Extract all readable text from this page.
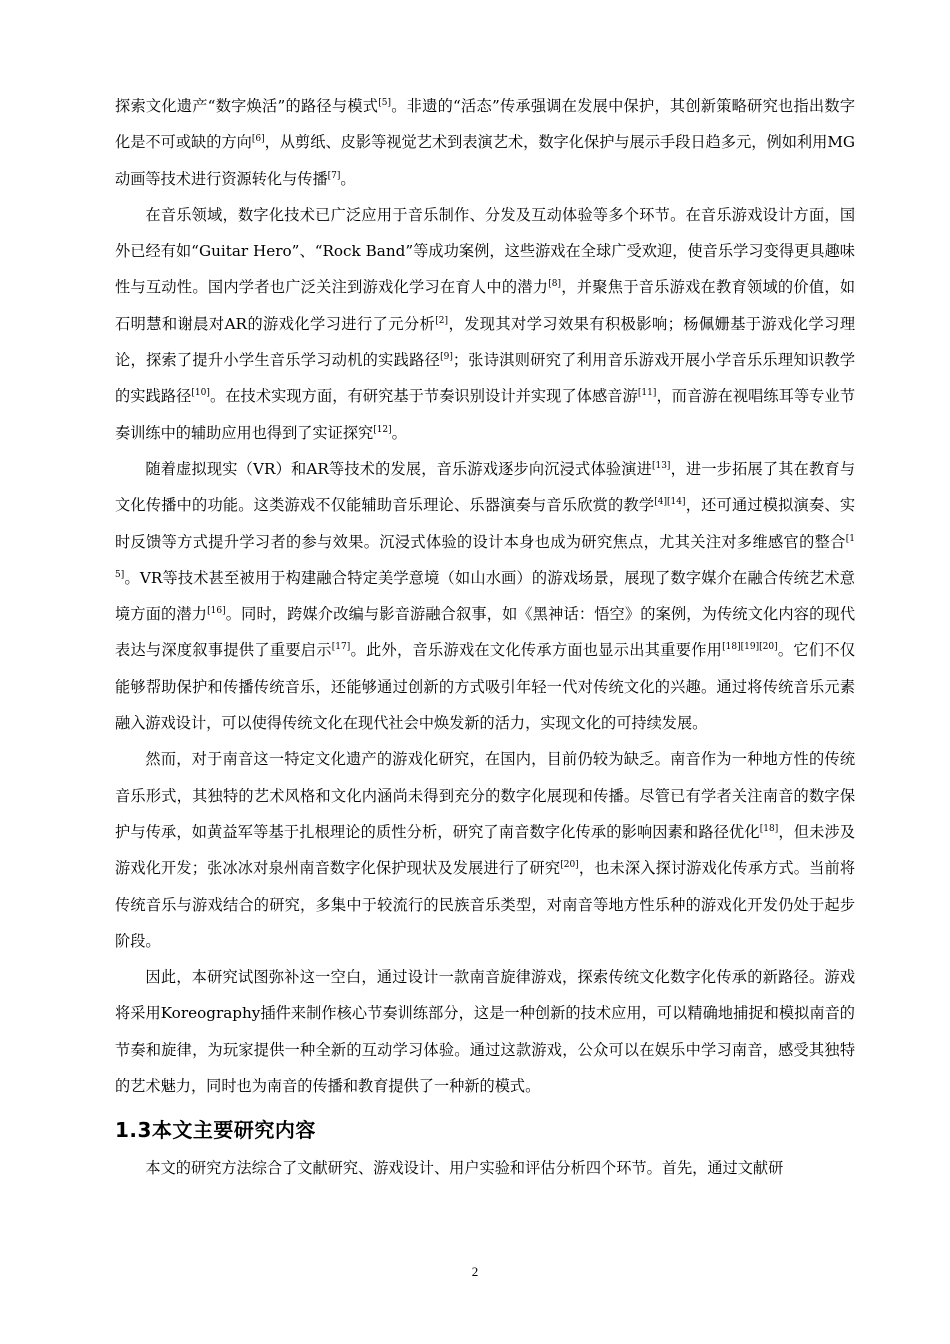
探索文化遗产“数字焕活”的路径与模式[5]。非遗的“活态”传承强调在发展中保护，其创新策略研究也指出数字化是不可或缺的方向[6]，从剪纸、皮影等视觉艺术到表演艺术，数字化保护与展示手段日趋多元，例如利用MG动画等技术进行资源转化与传播[7]。

在音乐领域，数字化技术已广泛应用于音乐制作、分发及互动体验等多个环节。在音乐游戏设计方面，国外已经有如“Guitar Hero”、“Rock Band”等成功案例，这些游戏在全球广受欢迎，使音乐学习变得更具趣味性与互动性。国内学者也广泛关注到游戏化学习在育人中的潜力[8]，并聚焦于音乐游戏在教育领域的价值，如石明慧和谢晨对AR的游戏化学习进行了元分析[2]，发现其对学习效果有积极影响；杨佩姗基于游戏化学习理论，探索了提升小学生音乐学习动机的实践路径[9]；张诗淇则研究了利用音乐游戏开展小学音乐乐理知识教学的实践路径[10]。在技术实现方面，有研究基于节奏识别设计并实现了体感音游[11]，而音游在视唱练耳等专业节奏训练中的辅助应用也得到了实证探究[12]。

随着虚拟现实（VR）和AR等技术的发展，音乐游戏逐步向沉浸式体验演进[13]，进一步拓展了其在教育与文化传播中的功能。这类游戏不仅能辅助音乐理论、乐器演奏与音乐欣赏的教学[4][14]，还可通过模拟演奏、实时反馈等方式提升学习者的参与效果。沉浸式体验的设计本身也成为研究焦点，尤其关注对多维感官的整合[15]。VR等技术甚至被用于构建融合特定美学意境（如山水画）的游戏场景，展现了数字媒介在融合传统艺术意境方面的潜力[16]。同时，跨媒介改编与影音游融合叙事，如《黑神话：悟空》的案例，为传统文化内容的现代表达与深度叙事提供了重要启示[17]。此外，音乐游戏在文化传承方面也显示出其重要作用[18][19][20]。它们不仅能够帮助保护和传播传统音乐，还能够通过创新的方式吸引年轻一代对传统文化的兴趣。通过将传统音乐元素融入游戏设计，可以使得传统文化在现代社会中焕发新的活力，实现文化的可持续发展。

然而，对于南音这一特定文化遗产的游戏化研究，在国内，目前仍较为缺乏。南音作为一种地方性的传统音乐形式，其独特的艺术风格和文化内涵尚未得到充分的数字化展现和传播。尽管已有学者关注南音的数字保护与传承，如黄益军等基于扎根理论的质性分析，研究了南音数字化传承的影响因素和路径优化[18]，但未涉及游戏化开发；张冰冰对泉州南音数字化保护现状及发展进行了研究[20]，也未深入探讨游戏化传承方式。当前将传统音乐与游戏结合的研究，多集中于较流行的民族音乐类型，对南音等地方性乐种的游戏化开发仍处于起步阶段。

因此，本研究试图弥补这一空白，通过设计一款南音旋律游戏，探索传统文化数字化传承的新路径。游戏将采用Koreography插件来制作核心节奏训练部分，这是一种创新的技术应用，可以精确地捕捉和模拟南音的节奏和旋律，为玩家提供一种全新的互动学习体验。通过这款游戏，公众可以在娱乐中学习南音，感受其独特的艺术魅力，同时也为南音的传播和教育提供了一种新的模式。

1.3本文主要研究内容

本文的研究方法综合了文献研究、游戏设计、用户实验和评估分析四个环节。首先，通过文献研

2
